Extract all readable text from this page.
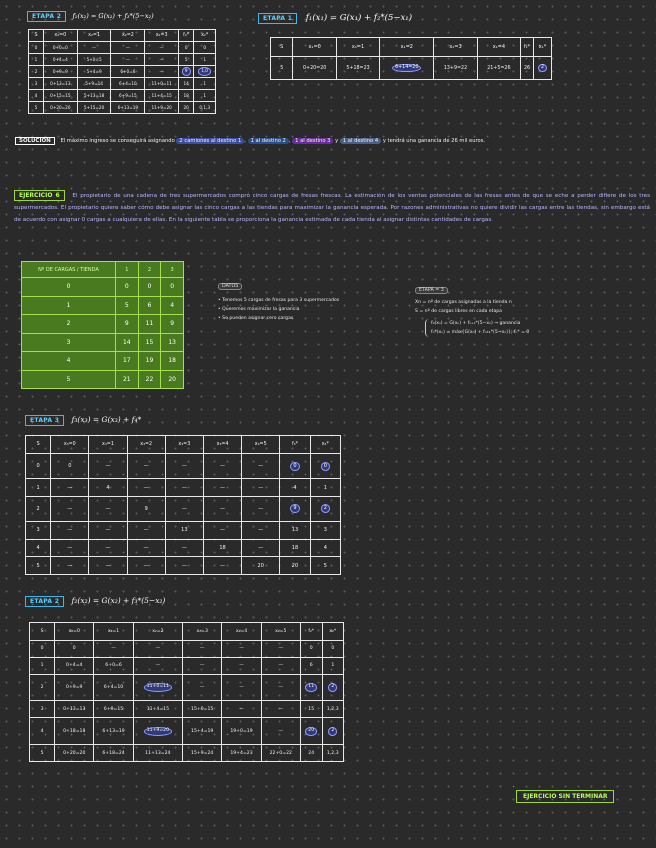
ETAPA 2 f₂(x₂) = G(x₂) + f₃*(5−x₂)
S	x₂=0	x₂=1	x₂=2	x₂=3	f₂*	x₂*
0	0+0=0	—	—	—	0	0
1	0+4=4	5+0=5	—	—	5	1
2	0+9=9	5+4=9	6+0=6	—	9	1,0
3	0+13=13	5+9=14	6+4=10	11+0=11	14	1
4	0+15=15	5+13=18	6+9=15	11+4=15	18	1
5	0+20=20	5+15=20	6+13=19	11+9=20	20	0,1,3
ETAPA 1 f₁(x₁) = G(x₁) + f₂*(5−x₁)
S	x₁=0	x₁=1	x₁=2	x₁=3	x₁=4	f₁*	x₁*
5	0+20=20	5+18=23	6+14=20	13+9=22	21+5=26	26	2
SOLUCIÓN El máximo ingreso se conseguirá asignando 2 camiones al destino 1 , 1 al destino 2 , 1 al destino 3 y 1 al destino 4 y tendrá una ganancia de 26 mil euros.

EJERCICIO 6 El propietario de una cadena de tres supermercados compró cinco cargas de fresas frescas. La estimación de los ventas potenciales de las fresas antes de que se eche a perder difiere de los tres supermercados. El propietario quiere saber cómo debe asignar las cinco cargas a las tiendas para maximizar la ganancia esperada. Por razones administrativas no quiere dividir las cargas entre las tiendas, sin embargo está de acuerdo con asignar 0 cargas a cualquiera de ellas. En la siguiente tabla se proporciona la ganancia estimada de cada tienda al asignar distintas cantidades de cargas.

Nº DE CARGAS / TIENDA	1	2	3
0	0	0	0
1	5	6	4
2	9	11	9
3	14	15	13
4	17	19	18
5	21	22	20
DATOS
• Tenemos 5 cargas de fresas para 3 supermercados
• Queremos maximizar la ganancia
• Se pueden asignar cero cargas
ETAPA = 3
Xn = nº de cargas asignadas a la tienda n
S = nº de cargas libres en cada etapa
f₀(xₙ) = G(xₙ) + fₙ₊₁*(5−xₙ) → ganancia
fₙ*(xₙ) = máx{G(xₙ) + fₙ₊₁*(5−xₙ)}; fₙ* = 0
ETAPA 3 f₃(x₃) = G(x₃) + f₄*
S	x₃=0	x₃=1	x₃=2	x₃=3	x₃=4	x₃=5	f₃*	x₃*
0	0	—	—	—	—	—	0	0
1	—	4	—	—	—	—	4	1
2	—	—	9	—	—	—	9	2
3	—	—	—	13	—	—	13	3
4	—	—	—	—	18	—	18	4
5	—	—	—	—	—	20	20	5
ETAPA 2 f₂(x₂) = G(x₂) + f₃*(5−x₂)
S	x₂=0	x₂=1	x₂=2	x₂=3	x₂=4	x₂=5	f₂*	x₂*
0	0	—	—	—	—	—	0	0
1	0+4=4	6+0=6	—	—	—	—	6	1
2	0+9=9	6+4=10	11+0=11	—	—	—	11	2
3	0+13=13	6+9=15	11+4=15	15+0=15	—	—	15	1,2,3
4	0+18=18	6+13=19	11+9=20	15+4=19	19+0=19	—	20	2
5	0+20=20	6+18=24	11+13=24	15+9=24	19+4=23	22+0=22	24	1,2,3
EJERCICIO SIN TERMINAR
